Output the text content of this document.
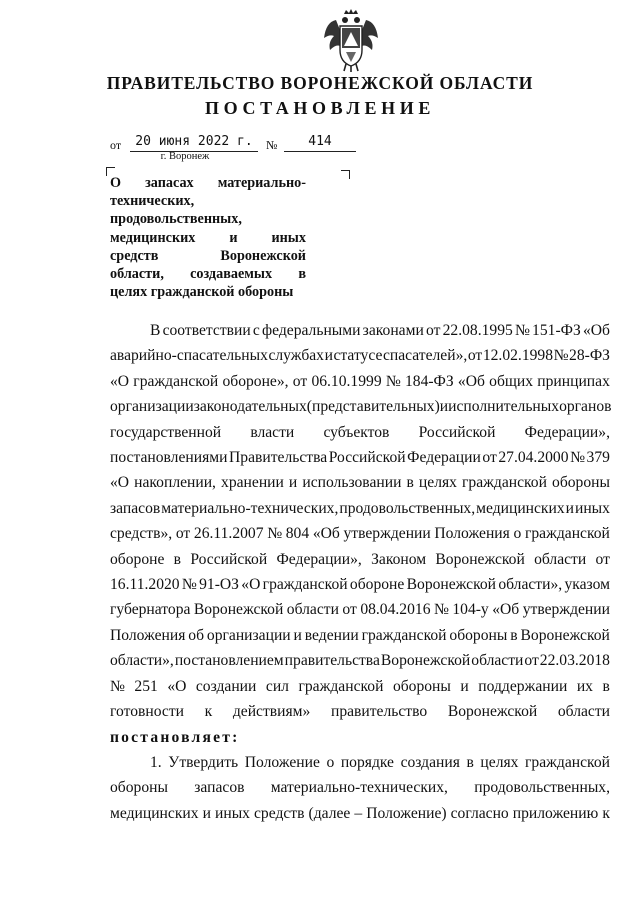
ПРАВИТЕЛЬСТВО ВОРОНЕЖСКОЙ ОБЛАСТИ
ПОСТАНОВЛЕНИЕ
от	20 июня 2022 г.	№	414
г. Воронеж
О запасах материально-
технических,
продовольственных,
медицинских и иных
средств	Воронежской
области, создаваемых в
целях гражданской обороны
В соответствии с федеральными законами от 22.08.1995 № 151-ФЗ «Об
аварийно-спасательных службах и статусе спасателей», от 12.02.1998 № 28-ФЗ
«О гражданской обороне», от 06.10.1999 № 184-ФЗ «Об общих принципах
организации законодательных (представительных) и исполнительных органов
государственной власти субъектов Российской Федерации»,
постановлениями Правительства Российской Федерации от 27.04.2000 № 379
«О накоплении, хранении и использовании в целях гражданской обороны
запасов материально-технических, продовольственных, медицинских и иных
средств», от 26.11.2007 № 804 «Об утверждении Положения о гражданской
обороне в Российской Федерации», Законом Воронежской области от
16.11.2020 № 91-ОЗ «О гражданской обороне Воронежской области», указом
губернатора Воронежской области от 08.04.2016 № 104-у «Об утверждении
Положения об организации и ведении гражданской обороны в Воронежской
области», постановлением правительства Воронежской области от 22.03.2018
№ 251 «О создании сил гражданской обороны и поддержании их в
готовности к действиям» правительство Воронежской области
постановляет:
1. Утвердить Положение о порядке создания в целях гражданской
обороны запасов материально-технических, продовольственных,
медицинских и иных средств (далее – Положение) согласно приложению к
